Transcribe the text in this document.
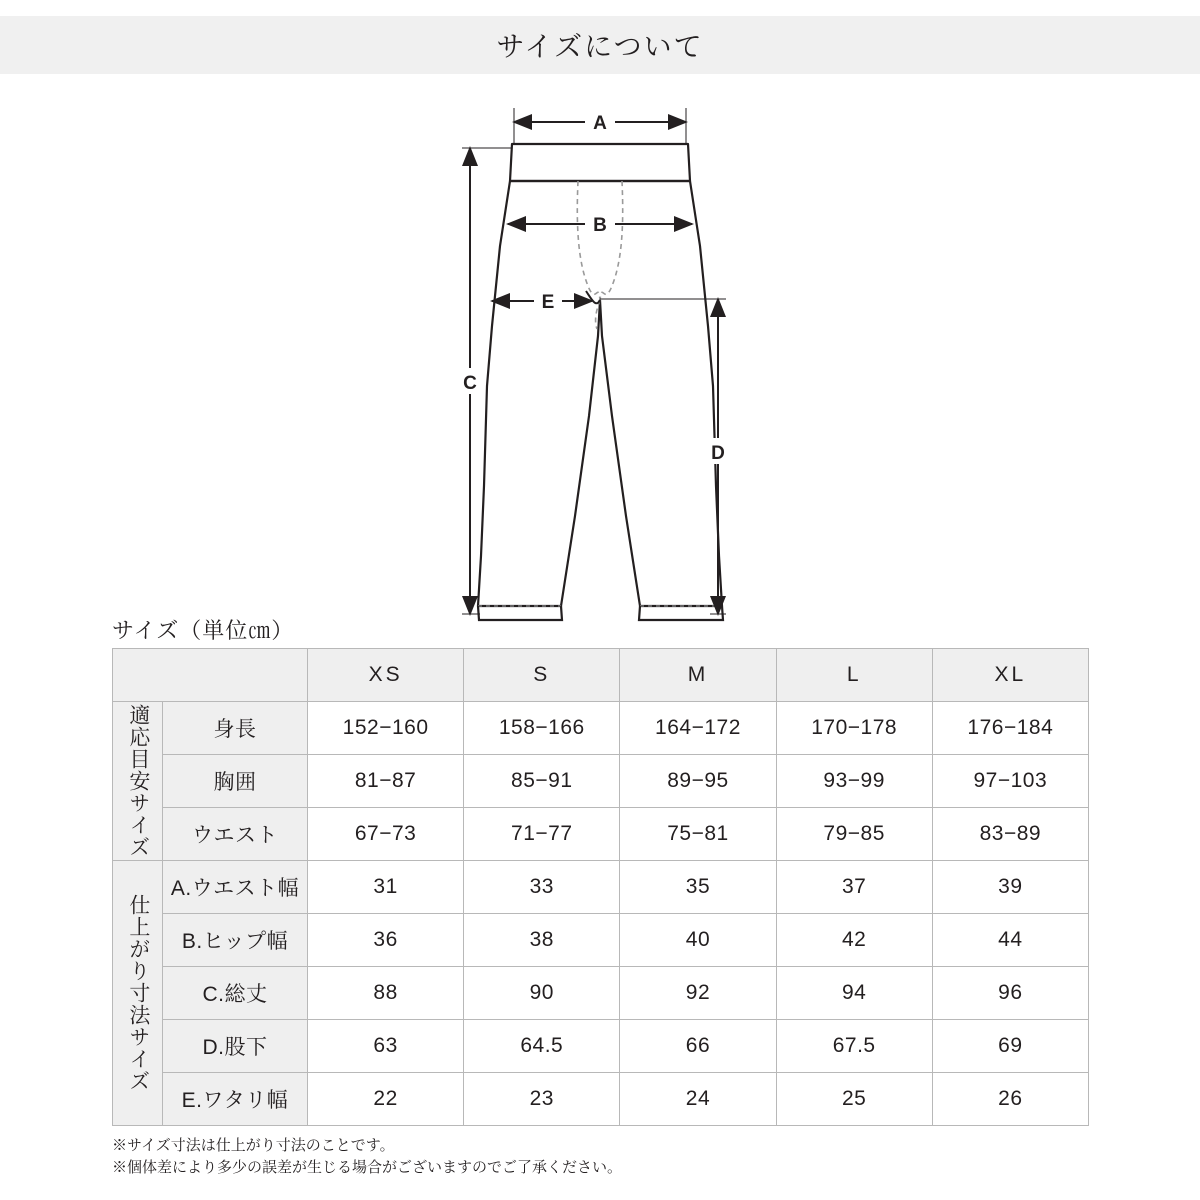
サイズについて
A
B
E
C
D
サイズ（単位㎝）
		XS	S	M	L	XL
適応目安サイズ	身長	152−160	158−166	164−172	170−178	176−184
	胸囲	81−87	85−91	89−95	93−99	97−103
	ウエスト	67−73	71−77	75−81	79−85	83−89
仕上がり寸法サイズ	A.ウエスト幅	31	33	35	37	39
	B.ヒップ幅	36	38	40	42	44
	C.総丈	88	90	92	94	96
	D.股下	63	64.5	66	67.5	69
	E.ワタリ幅	22	23	24	25	26
※サイズ寸法は仕上がり寸法のことです。
※個体差により多少の誤差が生じる場合がございますのでご了承ください。
